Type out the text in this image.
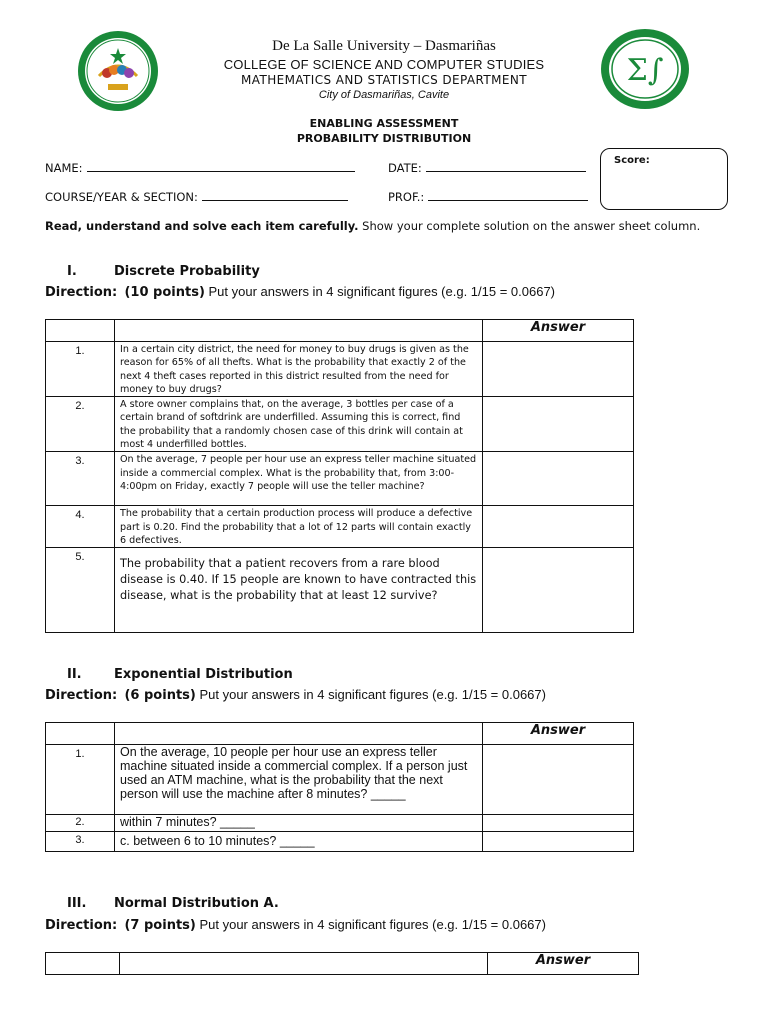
Σ∫
De La Salle University – Dasmariñas
COLLEGE OF SCIENCE AND COMPUTER STUDIES
MATHEMATICS AND STATISTICS DEPARTMENT
City of Dasmariñas, Cavite
ENABLING ASSESSMENT
PROBABILITY DISTRIBUTION
NAME:	DATE:
COURSE/YEAR & SECTION:	PROF.:
Score:
Read, understand and solve each item carefully. Show your complete solution on the answer sheet column.
I.	Discrete Probability
Direction: (10 points) Put your answers in 4 significant figures (e.g. 1/15 = 0.0667)
		Answer
1.	In a certain city district, the need for money to buy drugs is given as the reason for 65% of all thefts. What is the probability that exactly 2 of the next 4 theft cases reported in this district resulted from the need for money to buy drugs?	
2.	A store owner complains that, on the average, 3 bottles per case of a certain brand of softdrink are underfilled. Assuming this is correct, find the probability that a randomly chosen case of this drink will contain at most 4 underfilled bottles.	
3.	On the average, 7 people per hour use an express teller machine situated inside a commercial complex. What is the probability that, from 3:00-4:00pm on Friday, exactly 7 people will use the teller machine?	
4.	The probability that a certain production process will produce a defective part is 0.20. Find the probability that a lot of 12 parts will contain exactly 6 defectives.	
5.	The probability that a patient recovers from a rare blood disease is 0.40. If 15 people are known to have contracted this disease, what is the probability that at least 12 survive?	
II. Exponential Distribution
Direction: (6 points) Put your answers in 4 significant figures (e.g. 1/15 = 0.0667)
		Answer
1.	On the average, 10 people per hour use an express teller machine situated inside a commercial complex. If a person just used an ATM machine, what is the probability that the next person will use the machine after 8 minutes? _____	
2.	within 7 minutes? _____	
3.	c. between 6 to 10 minutes? _____	
III. Normal Distribution A.
Direction: (7 points) Put your answers in 4 significant figures (e.g. 1/15 = 0.0667)
		Answer
